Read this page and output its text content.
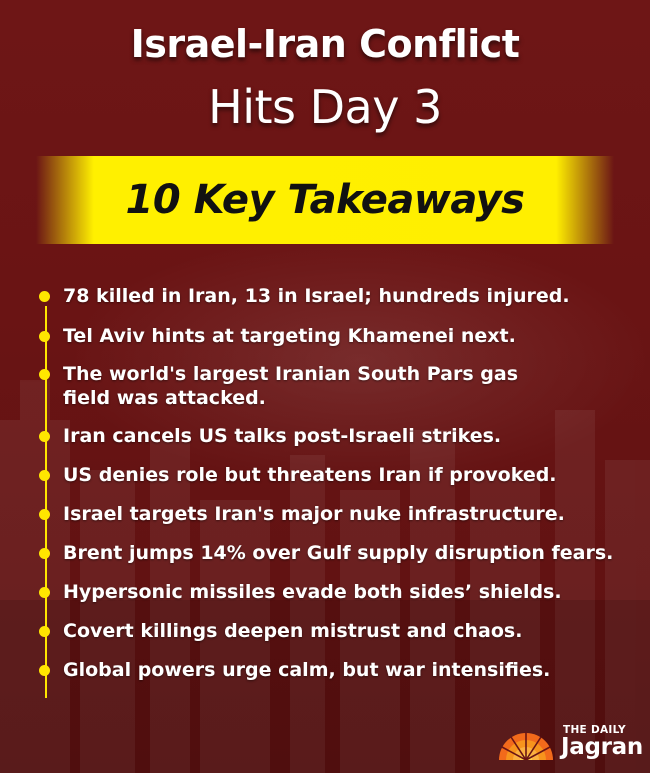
Israel-Iran Conflict
Hits Day 3
10 Key Takeaways
78 killed in Iran, 13 in Israel; hundreds injured.
Tel Aviv hints at targeting Khamenei next.
The world's largest Iranian South Pars gas field was attacked.
Iran cancels US talks post-Israeli strikes.
US denies role but threatens Iran if provoked.
Israel targets Iran's major nuke infrastructure.
Brent jumps 14% over Gulf supply disruption fears.
Hypersonic missiles evade both sides’ shields.
Covert killings deepen mistrust and chaos.
Global powers urge calm, but war intensifies.
THE DAILY
Jagran
